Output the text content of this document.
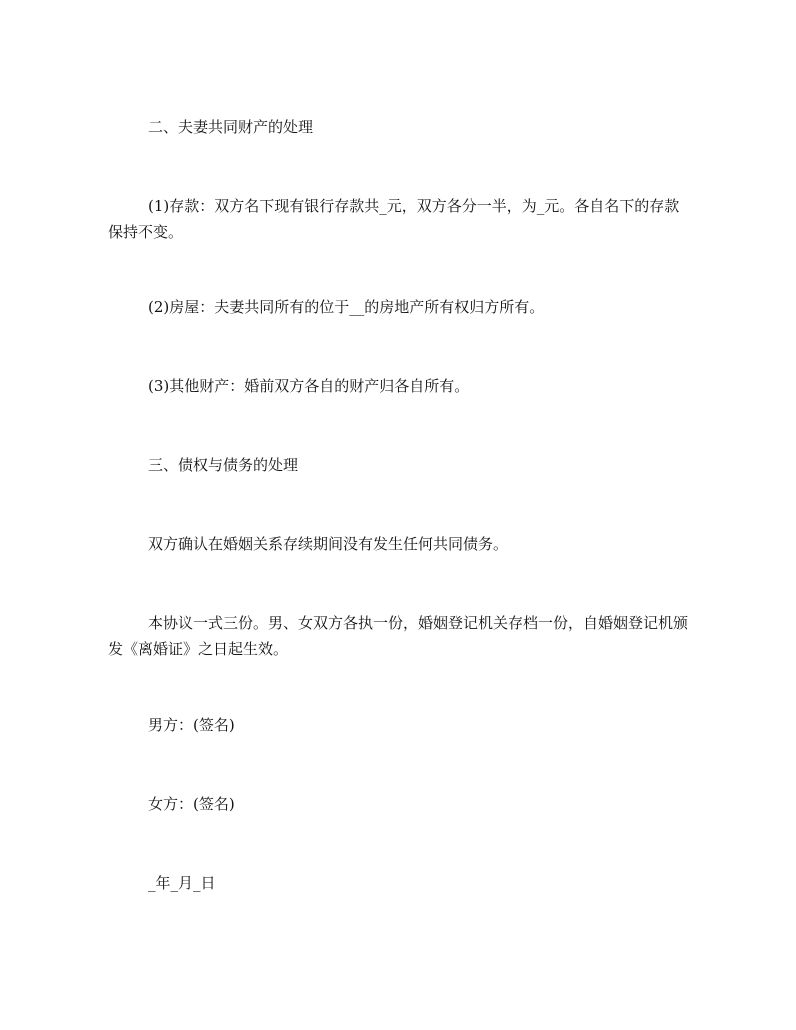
二、夫妻共同财产的处理

(1)存款：双方名下现有银行存款共_元，双方各分一半，为_元。各自名下的存款保持不变。

(2)房屋：夫妻共同所有的位于__的房地产所有权归方所有。

(3)其他财产：婚前双方各自的财产归各自所有。

三、债权与债务的处理

双方确认在婚姻关系存续期间没有发生任何共同债务。

本协议一式三份。男、女双方各执一份，婚姻登记机关存档一份，自婚姻登记机颁发《离婚证》之日起生效。

男方：(签名)

女方：(签名)

_年_月_日
